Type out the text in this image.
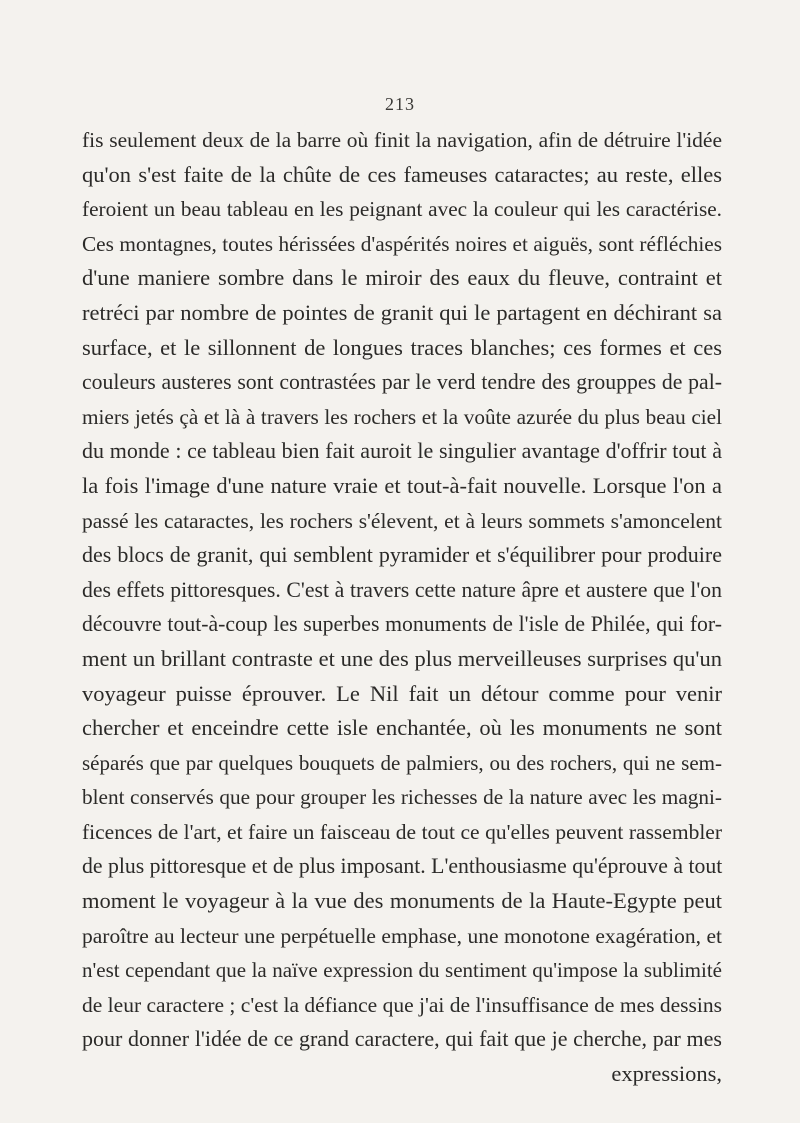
213
fis seulement deux de la barre où finit la navigation, afin de détruire l'idée
qu'on s'est faite de la chûte de ces fameuses cataractes; au reste, elles
feroient un beau tableau en les peignant avec la couleur qui les caractérise.
Ces montagnes, toutes hérissées d'aspérités noires et aiguës, sont réfléchies
d'une maniere sombre dans le miroir des eaux du fleuve, contraint et
retréci par nombre de pointes de granit qui le partagent en déchirant sa
surface, et le sillonnent de longues traces blanches; ces formes et ces
couleurs austeres sont contrastées par le verd tendre des grouppes de pal-
miers jetés çà et là à travers les rochers et la voûte azurée du plus beau ciel
du monde : ce tableau bien fait auroit le singulier avantage d'offrir tout à
la fois l'image d'une nature vraie et tout-à-fait nouvelle. Lorsque l'on a
passé les cataractes, les rochers s'élevent, et à leurs sommets s'amoncelent
des blocs de granit, qui semblent pyramider et s'équilibrer pour produire
des effets pittoresques. C'est à travers cette nature âpre et austere que l'on
découvre tout-à-coup les superbes monuments de l'isle de Philée, qui for-
ment un brillant contraste et une des plus merveilleuses surprises qu'un
voyageur puisse éprouver. Le Nil fait un détour comme pour venir
chercher et enceindre cette isle enchantée, où les monuments ne sont
séparés que par quelques bouquets de palmiers, ou des rochers, qui ne sem-
blent conservés que pour grouper les richesses de la nature avec les magni-
ficences de l'art, et faire un faisceau de tout ce qu'elles peuvent rassembler
de plus pittoresque et de plus imposant. L'enthousiasme qu'éprouve à tout
moment le voyageur à la vue des monuments de la Haute-Egypte peut
paroître au lecteur une perpétuelle emphase, une monotone exagération, et
n'est cependant que la naïve expression du sentiment qu'impose la sublimité
de leur caractere ; c'est la défiance que j'ai de l'insuffisance de mes dessins
pour donner l'idée de ce grand caractere, qui fait que je cherche, par mes
expressions,
